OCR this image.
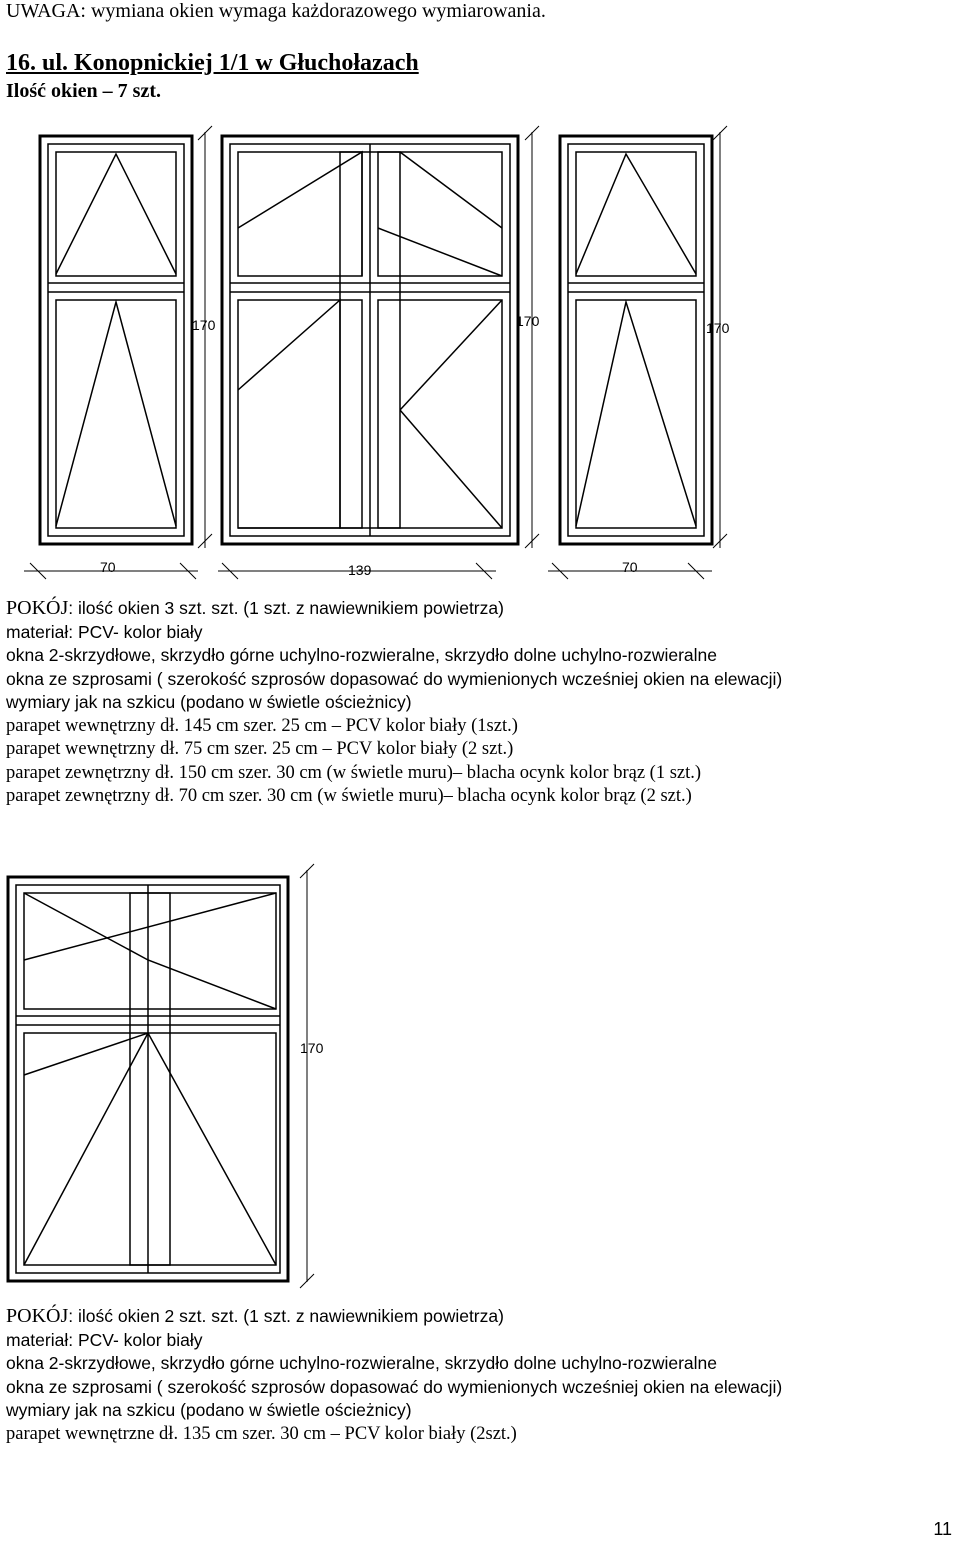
UWAGA: wymiana okien wymaga każdorazowego wymiarowania.
16. ul. Konopnickiej 1/1 w Głuchołazach
Ilość okien – 7 szt.
170	170	170
70	139	70
POKÓJ: ilość okien 3 szt. szt. (1 szt. z nawiewnikiem powietrza)
materiał: PCV- kolor biały
okna 2-skrzydłowe, skrzydło górne uchylno-rozwieralne, skrzydło dolne uchylno-rozwieralne
okna ze szprosami ( szerokość szprosów dopasować do wymienionych wcześniej okien na elewacji)
wymiary jak na szkicu (podano w świetle ościeżnicy)
parapet wewnętrzny dł. 145 cm szer. 25 cm – PCV kolor biały (1szt.)
parapet wewnętrzny dł. 75 cm szer. 25 cm – PCV kolor biały (2 szt.)
parapet zewnętrzny dł. 150 cm szer. 30 cm (w świetle muru)– blacha ocynk kolor brąz (1 szt.)
parapet zewnętrzny dł. 70 cm szer. 30 cm (w świetle muru)– blacha ocynk kolor brąz (2 szt.)
170
POKÓJ: ilość okien 2 szt. szt. (1 szt. z nawiewnikiem powietrza)
materiał: PCV- kolor biały
okna 2-skrzydłowe, skrzydło górne uchylno-rozwieralne, skrzydło dolne uchylno-rozwieralne
okna ze szprosami ( szerokość szprosów dopasować do wymienionych wcześniej okien na elewacji)
wymiary jak na szkicu (podano w świetle ościeżnicy)
parapet wewnętrzne dł. 135 cm szer. 30 cm – PCV kolor biały (2szt.)
11
